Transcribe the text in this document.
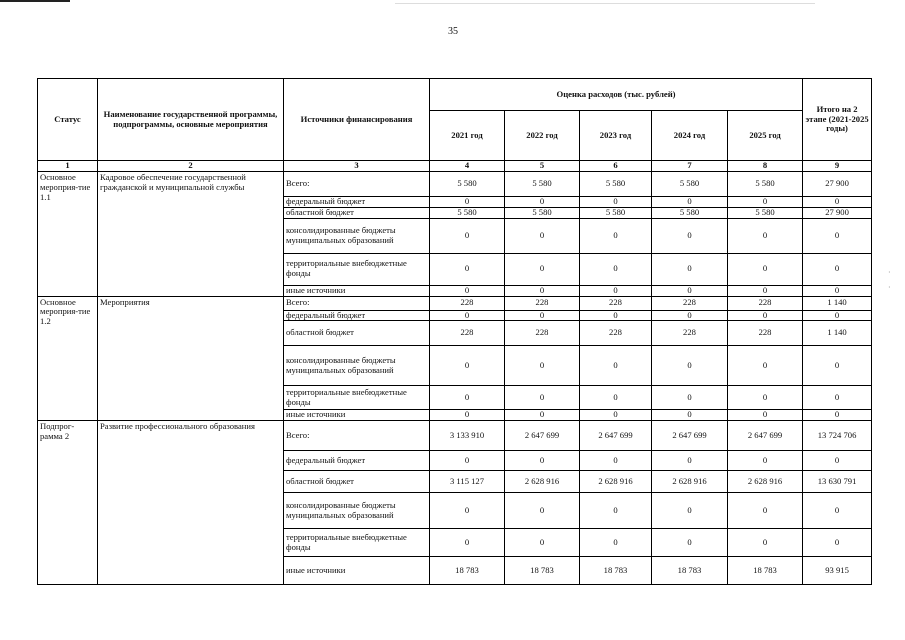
35
·
·
Статус	Наименование государственной программы, подпрограммы, основные мероприятия	Источники финансирования	Оценка расходов (тыс. рублей)					Итого на 2 этапе (2021-2025 годы)
			2021 год	2022 год	2023 год	2024 год	2025 год	
1	2	3	4	5	6	7	8	9
Основное мероприя-тие 1.1	Кадровое обеспечение государственной гражданской и муниципальной службы	Всего:	5 580	5 580	5 580	5 580	5 580	27 900
		федеральный бюджет	0	0	0	0	0	0
		областной бюджет	5 580	5 580	5 580	5 580	5 580	27 900
		консолидированные бюджеты муниципальных образований	0	0	0	0	0	0
		территориальные внебюджетные фонды	0	0	0	0	0	0
		иные источники	0	0	0	0	0	0
Основное мероприя-тие 1.2	Мероприятия	Всего:	228	228	228	228	228	1 140
		федеральный бюджет	0	0	0	0	0	0
		областной бюджет	228	228	228	228	228	1 140
		консолидированные бюджеты муниципальных образований	0	0	0	0	0	0
		территориальные внебюджетные фонды	0	0	0	0	0	0
		иные источники	0	0	0	0	0	0
Подпрог-рамма 2	Развитие профессионального образования	Всего:	3 133 910	2 647 699	2 647 699	2 647 699	2 647 699	13 724 706
		федеральный бюджет	0	0	0	0	0	0
		областной бюджет	3 115 127	2 628 916	2 628 916	2 628 916	2 628 916	13 630 791
		консолидированные бюджеты муниципальных образований	0	0	0	0	0	0
		территориальные внебюджетные фонды	0	0	0	0	0	0
		иные источники	18 783	18 783	18 783	18 783	18 783	93 915
